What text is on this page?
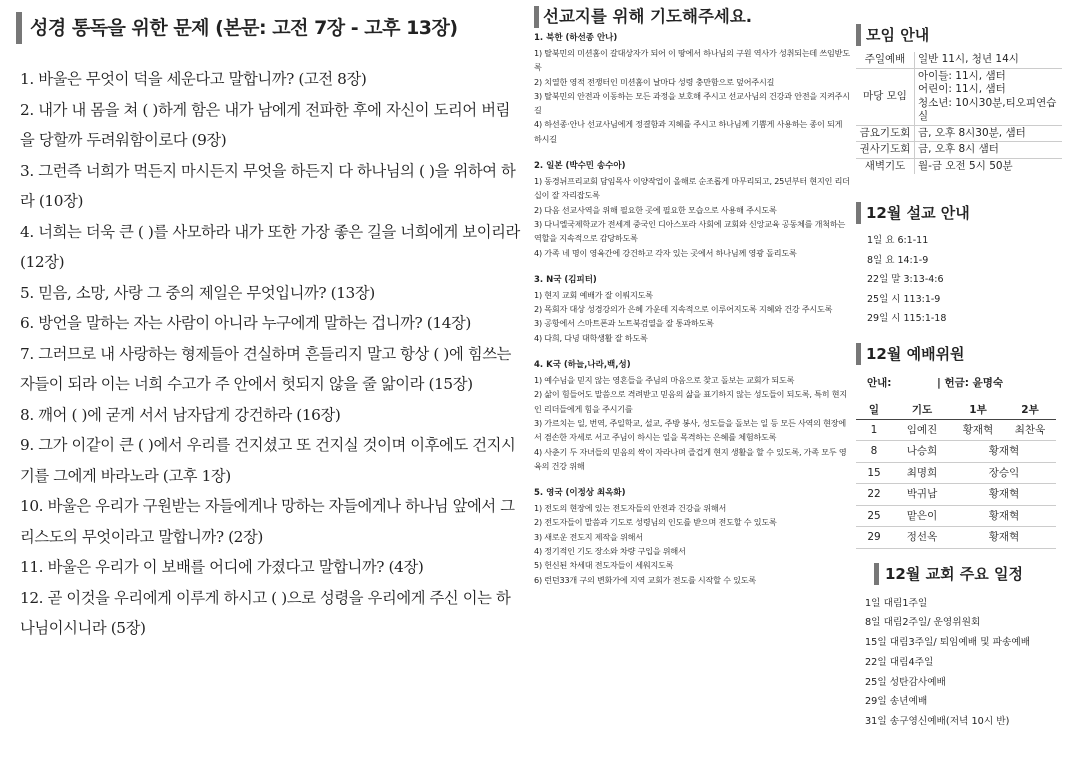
성경 통독을 위한 문제 (본문: 고전 7장 - 고후 13장)
1. 바울은 무엇이 덕을 세운다고 말합니까? (고전 8장)
2. 내가 내 몸을 쳐 ( )하게 함은 내가 남에게 전파한 후에 자신이 도리어 버림을 당할까 두려워함이로다 (9장)
3. 그런즉 너희가 먹든지 마시든지 무엇을 하든지 다 하나님의 ( )을 위하여 하라 (10장)
4. 너희는 더욱 큰 ( )를 사모하라 내가 또한 가장 좋은 길을 너희에게 보이리라 (12장)
5. 믿음, 소망, 사랑 그 중의 제일은 무엇입니까? (13장)
6. 방언을 말하는 자는 사람이 아니라 누구에게 말하는 겁니까? (14장)
7. 그러므로 내 사랑하는 형제들아 견실하며 흔들리지 말고 항상 ( )에 힘쓰는 자들이 되라 이는 너희 수고가 주 안에서 헛되지 않을 줄 앎이라 (15장)
8. 깨어 ( )에 굳게 서서 남자답게 강건하라 (16장)
9. 그가 이같이 큰 ( )에서 우리를 건지셨고 또 건지실 것이며 이후에도 건지시기를 그에게 바라노라 (고후 1장)
10. 바울은 우리가 구원받는 자들에게나 망하는 자들에게나 하나님 앞에서 그리스도의 무엇이라고 말합니까? (2장)
11. 바울은 우리가 이 보배를 어디에 가졌다고 말합니까? (4장)
12. 곧 이것을 우리에게 이루게 하시고 ( )으로 성령을 우리에게 주신 이는 하나님이시니라 (5장)
선교지를 위해 기도해주세요.
1. 북한 (하선종 안나)
1) 탈북민의 미션홈이 갈대상자가 되어 이 땅에서 하나님의 구원 역사가 성취되는데 쓰임받도록
2) 치열한 영적 전쟁터인 미션홈이 날마다 성령 충만함으로 덮어주시길
3) 탈북민의 안전과 이동하는 모든 과정을 보호해 주시고 선교사님의 건강과 안전을 지켜주시길
4) 하선종·안나 선교사님에게 정결함과 지혜를 주시고 하나님께 기쁨게 사용하는 종이 되게 하시길
2. 일본 (박수민 송수아)
1) 동경뉘프리교회 담임목사 이양작업이 올해로 순조롭게 마무리되고, 25년부터 현지인 리더십이 잘 자리잡도록
2) 다음 선교사역을 위해 필요한 곳에 필요한 모습으로 사용해 주시도록
3) 다니엘국제학교가 전세계 중국인 디아스포라 사회에 교회와 신앙교육 공동체를 개척하는 역할을 지속적으로 감당하도록
4) 가족 네 명이 영육간에 강건하고 각자 있는 곳에서 하나님께 영광 돌리도록
3. N국 (김피터)
1) 현지 교회 예배가 잘 이뤄지도록
2) 목회자 대상 성경강의가 은혜 가운데 지속적으로 이루어지도록 지혜와 건강 주시도록
3) 공항에서 스마트폰과 노트북검열을 잘 통과하도록
4) 다희, 다녕 대학생활 잘 하도록
4. K국 (하늘,나라,백,성)
1) 예수님을 믿지 않는 영혼들을 주님의 마음으로 찾고 돌보는 교회가 되도록
2) 삶이 힘들어도 말씀으로 격려받고 믿음의 삶을 표기하지 않는 성도들이 되도록, 특히 현지인 리더들에게 힘을 주시기를
3) 가르치는 일, 번역, 주일학교, 설교, 주방 봉사, 성도들을 돌보는 일 등 모든 사역의 현장에서 겸손한 자세로 서고 주님이 하시는 일을 목격하는 은혜를 체험하도록
4) 사춘기 두 자녀들의 믿음의 싹이 자라나며 즐겁게 현지 생활을 할 수 있도록, 가족 모두 영육의 건강 위해
5. 영국 (이정상 최옥화)
1) 전도의 현장에 있는 전도자들의 안전과 건강을 위해서
2) 전도자들이 말씀과 기도로 성령님의 인도를 받으며 전도할 수 있도록
3) 새로운 전도지 제작을 위해서
4) 정기적인 기도 장소와 차량 구입을 위해서
5) 헌신된 차세대 전도자들이 세워지도록
6) 런던33개 구의 변화가에 지역 교회가 전도를 시작할 수 있도록
모임 안내
주일예배	일반 11시, 청년 14시
마당 모임	아이들: 11시, 샘터
어린이: 11시, 샘터
청소년: 10시30분,티오피연습실
금요기도회	금, 오후 8시30분, 샘터
권사기도회	금, 오후 8시 샘터
새벽기도	월-금 오전 5시 50분
12월 설교 안내
1일 요 6:1-11
8일 요 14:1-9
22일 말 3:13-4:6
25일 시 113:1-9
29일 시 115:1-18
12월 예배위원
안내:	| 헌금: 윤명숙
일	기도	1부	2부
1	임예진	황재혁	최찬욱
8	나승희	황재혁	
15	최명희	장승익	
22	박귀남	황재혁	
25	맡은이	황재혁	
29	정선옥	황재혁	
12월 교회 주요 일정
1일 대림1주일
8일 대림2주일/ 운영위원회
15일 대림3주일/ 퇴임예배 및 파송예배
22일 대림4주일
25일 성탄감사예배
29일 송년예배
31일 송구영신예배(저녁 10시 반)
